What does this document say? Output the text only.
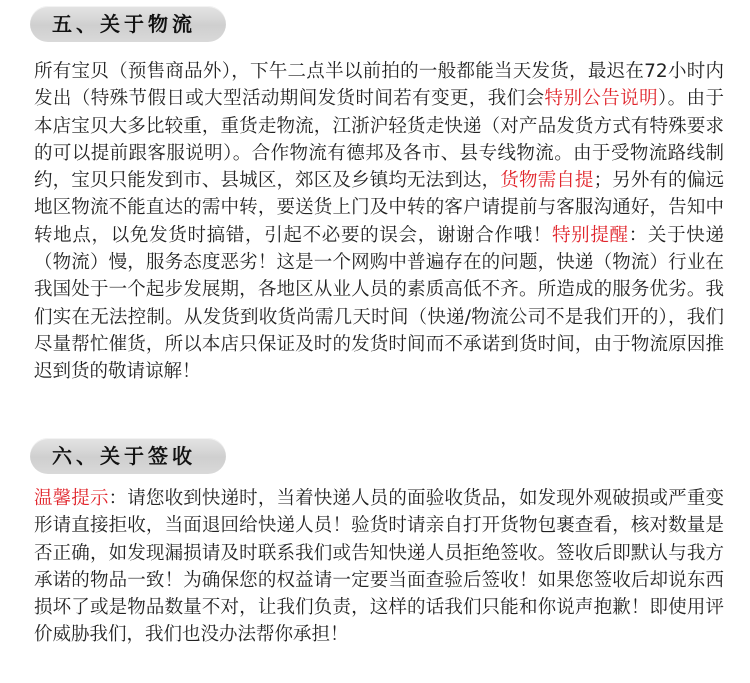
五、关于物流

所有宝贝（预售商品外），下午二点半以前拍的一般都能当天发货，最迟在72小时内发出（特殊节假日或大型活动期间发货时间若有变更，我们会特别公告说明）。由于本店宝贝大多比较重，重货走物流，江浙沪轻货走快递（对产品发货方式有特殊要求的可以提前跟客服说明）。合作物流有德邦及各市、县专线物流。由于受物流路线制约，宝贝只能发到市、县城区，郊区及乡镇均无法到达，货物需自提；另外有的偏远地区物流不能直达的需中转，要送货上门及中转的客户请提前与客服沟通好，告知中转地点，以免发货时搞错，引起不必要的误会，谢谢合作哦！特别提醒：关于快递（物流）慢，服务态度恶劣！这是一个网购中普遍存在的问题，快递（物流）行业在我国处于一个起步发展期，各地区从业人员的素质高低不齐。所造成的服务优劣。我们实在无法控制。从发货到收货尚需几天时间（快递/物流公司不是我们开的），我们尽量帮忙催货，所以本店只保证及时的发货时间而不承诺到货时间，由于物流原因推迟到货的敬请谅解！

六、关于签收

温馨提示：请您收到快递时，当着快递人员的面验收货品，如发现外观破损或严重变形请直接拒收，当面退回给快递人员！验货时请亲自打开货物包裹查看，核对数量是否正确，如发现漏损请及时联系我们或告知快递人员拒绝签收。签收后即默认与我方承诺的物品一致！为确保您的权益请一定要当面查验后签收！如果您签收后却说东西损坏了或是物品数量不对，让我们负责，这样的话我们只能和你说声抱歉！即使用评价威胁我们，我们也没办法帮你承担！
